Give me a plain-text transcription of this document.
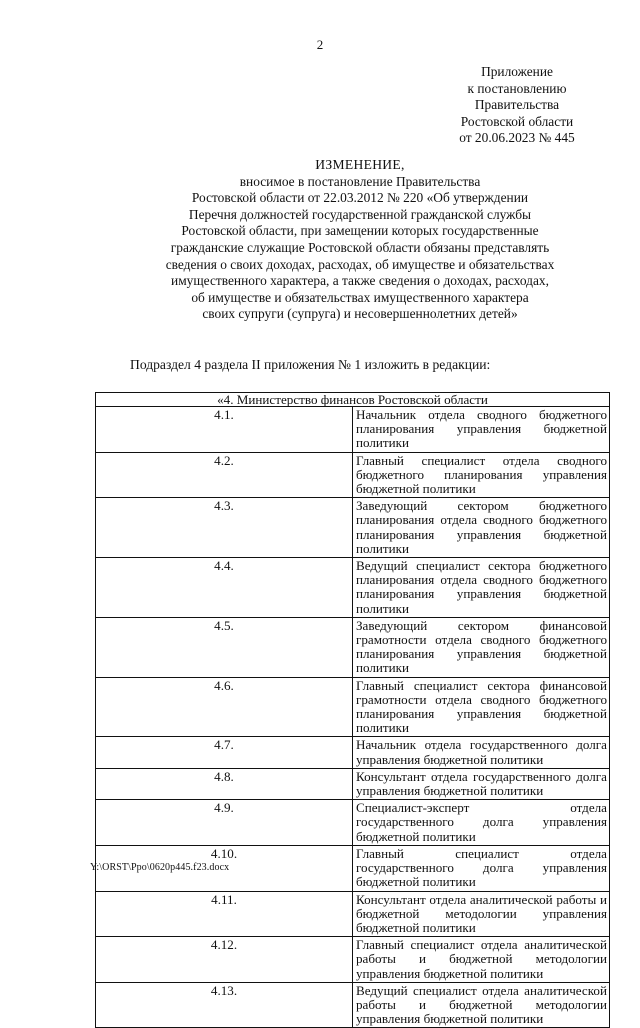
2
Приложение
к постановлению
Правительства
Ростовской области
от 20.06.2023 № 445
ИЗМЕНЕНИЕ,
вносимое в постановление Правительства
Ростовской области от 22.03.2012 № 220 «Об утверждении
Перечня должностей государственной гражданской службы
Ростовской области, при замещении которых государственные
гражданские служащие Ростовской области обязаны представлять
сведения о своих доходах, расходах, об имуществе и обязательствах
имущественного характера, а также сведения о доходах, расходах,
об имуществе и обязательствах имущественного характера
своих супруги (супруга) и несовершеннолетних детей»
Подраздел 4 раздела II приложения № 1 изложить в редакции:
«4. Министерство финансов Ростовской области	
4.1.	Начальник отдела сводного бюджетного планирования управления бюджетной политики
4.2.	Главный специалист отдела сводного бюджетного планирования управления бюджетной политики
4.3.	Заведующий сектором бюджетного планирования отдела сводного бюджетного планирования управления бюджетной политики
4.4.	Ведущий специалист сектора бюджетного планирования отдела сводного бюджетного планирования управления бюджетной политики
4.5.	Заведующий сектором финансовой грамотности отдела сводного бюджетного планирования управления бюджетной политики
4.6.	Главный специалист сектора финансовой грамотности отдела сводного бюджетного планирования управления бюджетной политики
4.7.	Начальник отдела государственного долга управления бюджетной политики
4.8.	Консультант отдела государственного долга управления бюджетной политики
4.9.	Специалист-эксперт отдела государственного долга управления бюджетной политики
4.10.	Главный специалист отдела государственного долга управления бюджетной политики
4.11.	Консультант отдела аналитической работы и бюджетной методологии управления бюджетной политики
4.12.	Главный специалист отдела аналитической работы и бюджетной методологии управления бюджетной политики
4.13.	Ведущий специалист отдела аналитической работы и бюджетной методологии управления бюджетной политики
Y:\ORST\Ppo\0620p445.f23.docx
